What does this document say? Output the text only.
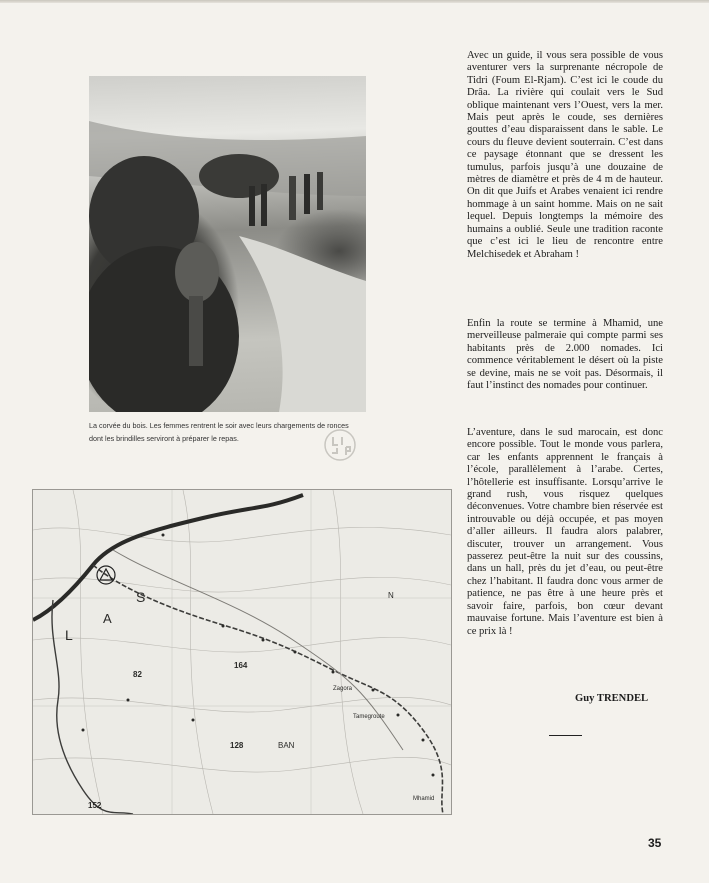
La corvée du bois. Les femmes rentrent le soir avec leurs chargements de ronces
dont les brindilles serviront à préparer le repas.
S
L
A
82
164
128
152
N
BAN
Zagora
Tamegroute
Mhamid

Avec un guide, il vous sera possible de vous aventurer vers la surprenante nécropole de Tidri (Foum El-Rjam). C’est ici le coude du Drâa. La rivière qui coulait vers le Sud oblique maintenant vers l’Ouest, vers la mer. Mais peut après le coude, ses dernières gouttes d’eau disparaissent dans le sable. Le cours du fleuve devient souterrain. C’est dans ce paysage étonnant que se dressent les tumulus, parfois jusqu’à une douzaine de mètres de diamètre et près de 4 m de hauteur. On dit que Juifs et Arabes venaient ici rendre hommage à un saint homme. Mais on ne sait lequel. Depuis longtemps la mémoire des humains a oublié. Seule une tradition raconte que c’est ici le lieu de rencontre entre Melchisedek et Abraham !

Enfin la route se termine à Mhamid, une merveilleuse palmeraie qui compte parmi ses habitants près de 2.000 nomades. Ici commence véritablement le désert où la piste se devine, mais ne se voit pas. Désormais, il faut l’instinct des nomades pour continuer.

L’aventure, dans le sud marocain, est donc encore possible. Tout le monde vous parlera, car les enfants apprennent le français à l’école, parallèlement à l’arabe. Certes, l’hôtellerie est insuffisante. Lorsqu’arrive le grand rush, vous risquez quelques déconvenues. Votre chambre bien réservée est introuvable ou déjà occupée, et pas moyen d’aller ailleurs. Il faudra alors palabrer, discuter, trouver un arrangement. Vous passerez peut-être la nuit sur des coussins, dans un hall, près du jet d’eau, ou peut-être chez l’habitant. Il faudra donc vous armer de patience, ne pas être à une heure près et savoir faire, parfois, bon cœur devant mauvaise fortune. Mais l’aventure est bien à ce prix là !

Guy TRENDEL
35
